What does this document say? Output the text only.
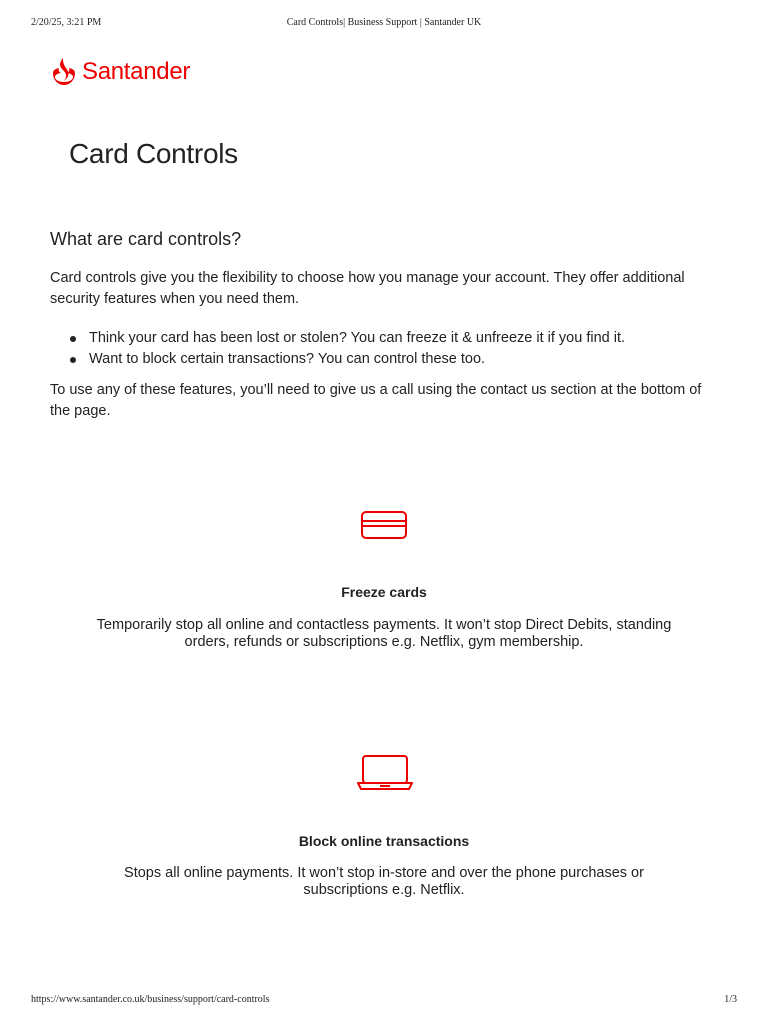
2/20/25, 3:21 PM	Card Controls| Business Support | Santander UK
Santander
Card Controls
What are card controls?

Card controls give you the flexibility to choose how you manage your account. They offer additional security features when you need them.

Think your card has been lost or stolen? You can freeze it & unfreeze it if you find it.
Want to block certain transactions? You can control these too.

To use any of these features, you’ll need to give us a call using the contact us section at the bottom of the page.

Freeze cards

Temporarily stop all online and contactless payments. It won’t stop Direct Debits, standing orders, refunds or subscriptions e.g. Netflix, gym membership.

Block online transactions

Stops all online payments. It won’t stop in-store and over the phone purchases or subscriptions e.g. Netflix.

https://www.santander.co.uk/business/support/card-controls	1/3
